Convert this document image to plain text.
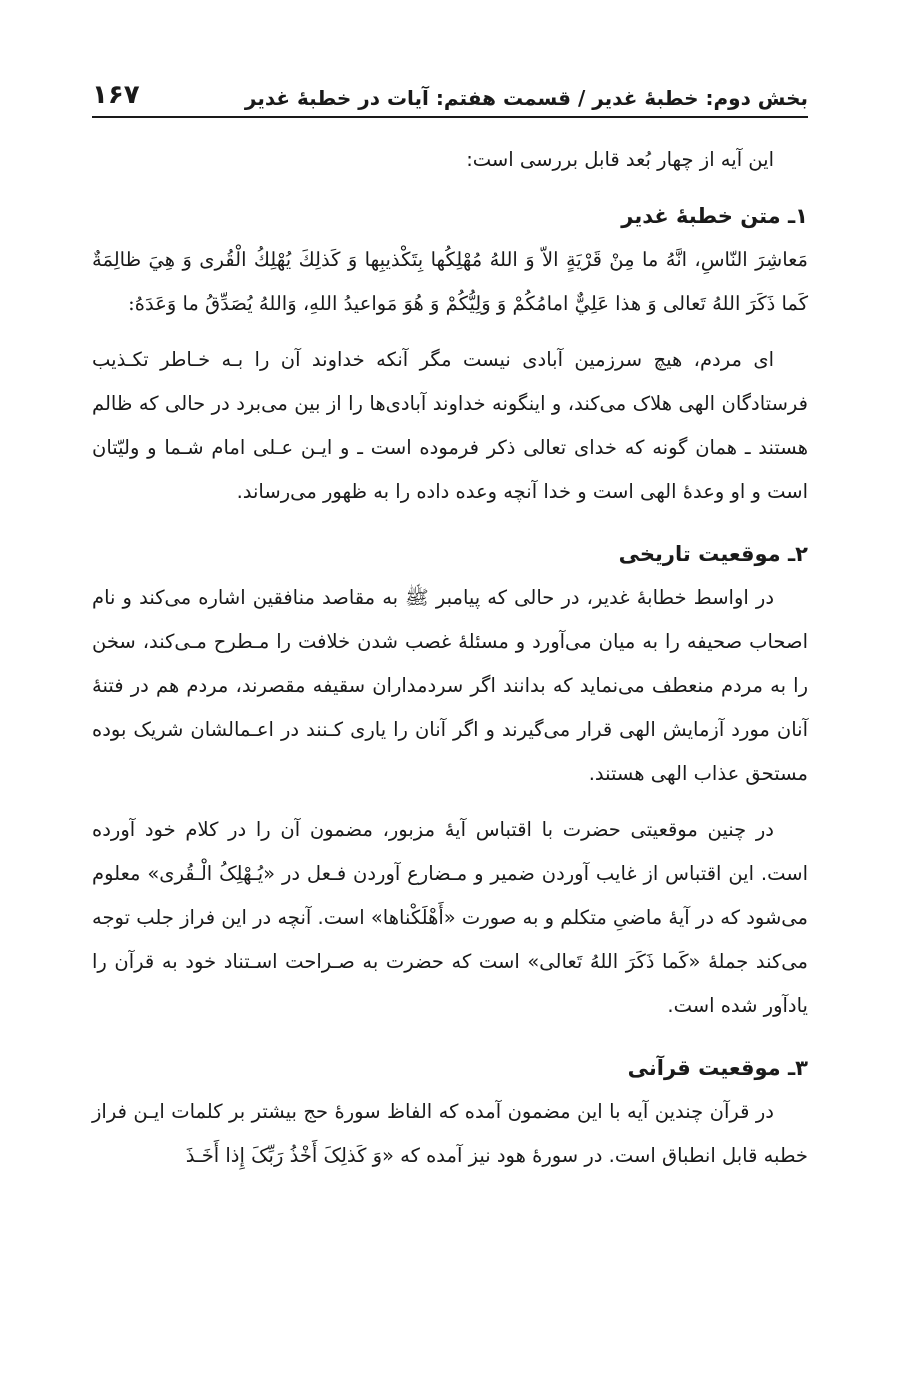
بخش دوم: خطبهٔ غدیر / قسمت هفتم: آیات در خطبهٔ غدیر
۱۶۷

این آیه از چهار بُعد قابل بررسی است:

۱ـ متن خطبهٔ غدیر

مَعاشِرَ النّاسِ، انَّهُ ما مِنْ قَرْيَةٍ الاّ وَ اللهُ مُهْلِكُها بِتَكْذيبِها وَ كَذلِكَ يُهْلِكُ الْقُرى وَ هِيَ ظالِمَةٌ كَما ذَكَرَ اللهُ تَعالى وَ هذا عَلِيٌّ امامُكُمْ وَ وَلِيُّكُمْ وَ هُوَ مَواعيدُ اللهِ، وَاللهُ يُصَدِّقُ ما وَعَدَهُ:

ای مردم، هیچ سرزمین آبادی نیست مگر آنکه خداوند آن را بـه خـاطر تکـذیب فرستادگان الهی هلاک می‌کند، و اینگونه خداوند آبادی‌ها را از بین می‌برد در حالی که ظالم هستند ـ همان گونه که خدای تعالی ذکر فرموده است ـ و ایـن عـلی امام شـما و ولیّتان است و او وعدهٔ الهی است و خدا آنچه وعده داده را به ظهور می‌رساند.

۲ـ موقعیت تاریخی

در اواسط خطابهٔ غدیر، در حالی که پیامبر ﷺ به مقاصد منافقین اشاره می‌کند و نام اصحاب صحیفه را به میان می‌آورد و مسئلهٔ غصب شدن خلافت را مـطرح مـی‌کند، سخن را به مردم منعطف می‌نماید که بدانند اگر سردمداران سقیفه مقصرند، مردم هم در فتنهٔ آنان مورد آزمایش الهی قرار می‌گیرند و اگر آنان را یاری کـنند در اعـمالشان شریک بوده مستحق عذاب الهی هستند.

در چنین موقعیتی حضرت با اقتباس آیهٔ مزبور، مضمون آن را در کلام خود آورده است. این اقتباس از غایب آوردن ضمیر و مـضارع آوردن فـعل در «یُـهْلِکُ الْـقُری» معلوم می‌شود که در آیهٔ ماضیِ متکلم و به صورت «أَهْلَکْناها» است. آنچه در این فراز جلب توجه می‌کند جملهٔ «کَما ذَکَرَ اللهُ تَعالی» است که حضرت به صـراحت اسـتناد خود به قرآن را یادآور شده است.

۳ـ موقعیت قرآنی

در قرآن چندین آیه با این مضمون آمده که الفاظ سورهٔ حج بیشتر بر کلمات ایـن فراز خطبه قابل انطباق است. در سورهٔ هود نیز آمده که «وَ کَذلِکَ أَخْذُ رَبِّکَ إِذا أَخَـذَ
